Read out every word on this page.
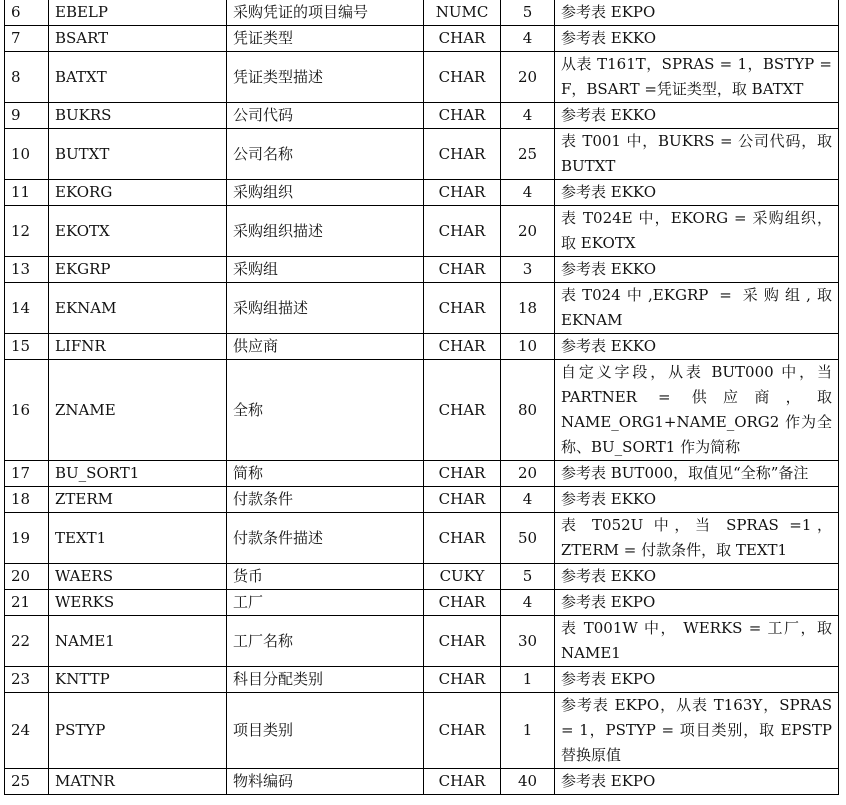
6	EBELP	采购凭证的项目编号	NUMC	5	参考表 EKPO
7	BSART	凭证类型	CHAR	4	参考表 EKKO
8	BATXT	凭证类型描述	CHAR	20	从表 T161T，SPRAS = 1，BSTYP = F，BSART =凭证类型，取 BATXT
9	BUKRS	公司代码	CHAR	4	参考表 EKKO
10	BUTXT	公司名称	CHAR	25	表 T001 中，BUKRS = 公司代码，取 BUTXT
11	EKORG	采购组织	CHAR	4	参考表 EKKO
12	EKOTX	采购组织描述	CHAR	20	表 T024E 中，EKORG = 采购组织，取 EKOTX
13	EKGRP	采购组	CHAR	3	参考表 EKKO
14	EKNAM	采购组描述	CHAR	18	表T024中,EKGRP = 采购组,取EKNAM
15	LIFNR	供应商	CHAR	10	参考表 EKKO
16	ZNAME	全称	CHAR	80	自定义字段，从表 BUT000 中，当 PARTNER = 供应商，取 NAME_ORG1+NAME_ORG2 作为全称、BU_SORT1 作为简称
17	BU_SORT1	简称	CHAR	20	参考表 BUT000，取值见“全称”备注
18	ZTERM	付款条件	CHAR	4	参考表 EKKO
19	TEXT1	付款条件描述	CHAR	50	表 T052U 中，当 SPRAS =1，ZTERM = 付款条件，取 TEXT1
20	WAERS	货币	CUKY	5	参考表 EKKO
21	WERKS	工厂	CHAR	4	参考表 EKPO
22	NAME1	工厂名称	CHAR	30	表 T001W 中， WERKS = 工厂，取 NAME1
23	KNTTP	科目分配类别	CHAR	1	参考表 EKPO
24	PSTYP	项目类别	CHAR	1	参考表 EKPO，从表 T163Y，SPRAS = 1，PSTYP = 项目类别，取 EPSTP 替换原值
25	MATNR	物料编码	CHAR	40	参考表 EKPO
